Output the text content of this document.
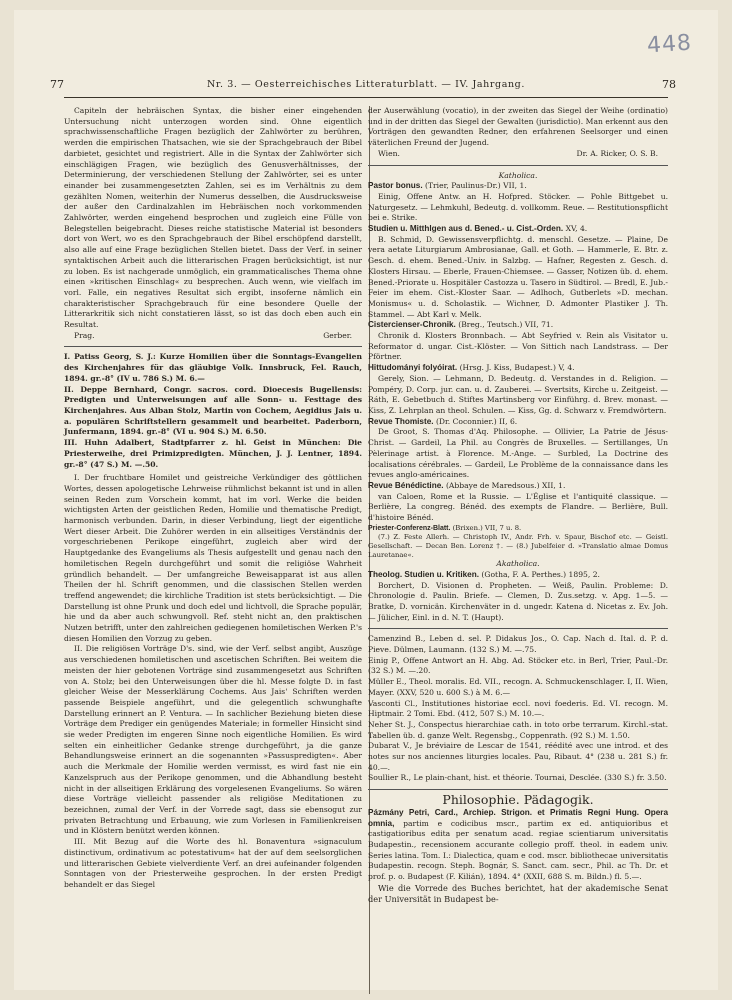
77	78
448
Nr. 3. — Oesterreichisches Litteraturblatt. — IV. Jahrgang.

Capiteln der hebräischen Syntax, die bisher einer eingehenden Untersuchung nicht unterzogen worden sind. Ohne eigentlich sprachwissenschaftliche Fragen bezüglich der Zahlwörter zu berühren, werden die empirischen Thatsachen, wie sie der Sprachgebrauch der Bibel darbietet, gesichtet und registriert. Alle in die Syntax der Zahlwörter sich einschlägigen Fragen, wie bezüglich des Genusverhältnisses, der Determinierung, der verschiedenen Stellung der Zahlwörter, sei es unter einander bei zusammengesetzten Zahlen, sei es im Verhältnis zu dem gezählten Nomen, weiterhin der Numerus desselben, die Ausdrucksweise der außer den Cardinalzahlen im Hebräischen noch vorkommenden Zahlwörter, werden eingehend besprochen und zugleich eine Fülle von Belegstellen beigebracht. Dieses reiche statistische Material ist besonders dort von Wert, wo es den Sprachgebrauch der Bibel erschöpfend darstellt, also alle auf eine Frage bezüglichen Stellen bietet. Dass der Verf. in seiner syntaktischen Arbeit auch die litterarischen Fragen berücksichtigt, ist nur zu loben. Es ist nachgerade unmöglich, ein grammaticalisches Thema ohne einen »kritischen Einschlag« zu besprechen. Auch wenn, wie vielfach im vorl. Falle, ein negatives Resultat sich ergibt, insoferne nämlich ein charakteristischer Sprachgebrauch für eine besondere Quelle der Litterarkritik sich nicht constatieren lässt, so ist das doch eben auch ein Resultat.

Prag.	Gerber.

I. Patiss Georg, S. J.: Kurze Homilien über die Sonntags-Evangelien des Kirchenjahres für das gläubige Volk. Innsbruck, Fel. Rauch, 1894. gr.-8° (IV u. 786 S.) M. 6.—

II. Deppe Bernhard, Congr. sacros. cord. Dioecesis Bugellensis: Predigten und Unterweisungen auf alle Sonn- u. Festtage des Kirchenjahres. Aus Alban Stolz, Martin von Cochem, Aegidius Jais u. a. populären Schriftstellern gesammelt und bearbeitet. Paderborn, Junfermann, 1894. gr.-8° (VI u. 904 S.) M. 6.50.

III. Huhn Adalbert, Stadtpfarrer z. hl. Geist in München: Die Priesterweihe, drei Primizpredigten. München, J. J. Lentner, 1894. gr.-8° (47 S.) M. —.50.

I. Der fruchtbare Homilet und geistreiche Verkündiger des göttlichen Wortes, dessen apologetische Lehrweise rühmlichst bekannt ist und in allen seinen Reden zum Vorschein kommt, hat im vorl. Werke die beiden wichtigsten Arten der geistlichen Reden, Homilie und thematische Predigt, harmonisch verbunden. Darin, in dieser Verbindung, liegt der eigentliche Wert dieser Arbeit. Die Zuhörer werden in ein allseitiges Verständnis der vorgeschriebenen Perikope eingeführt, zugleich aber wird der Hauptgedanke des Evangeliums als Thesis aufgestellt und genau nach den homiletischen Regeln durchgeführt und somit die religiöse Wahrheit gründlich behandelt. — Der umfangreiche Beweisapparat ist aus allen Theilen der hl. Schrift genommen, und die classischen Stellen werden treffend angewendet; die kirchliche Tradition ist stets berücksichtigt. — Die Darstellung ist ohne Prunk und doch edel und lichtvoll, die Sprache populär, hie und da aber auch schwungvoll. Ref. steht nicht an, den praktischen Nutzen betrifft, unter den zahlreichen gediegenen homiletischen Werken P.'s diesen Homilien den Vorzug zu geben.

II. Die religiösen Vorträge D's. sind, wie der Verf. selbst angibt, Auszüge aus verschiedenen homiletischen und ascetischen Schriften. Bei weitem die meisten der hier gebotenen Vorträge sind zusammengesetzt aus Schriften von A. Stolz; bei den Unterweisungen über die hl. Messe folgte D. in fast gleicher Weise der Messerklärung Cochems. Aus Jais' Schriften werden passende Beispiele angeführt, und die gelegentlich schwunghafte Darstellung erinnert an P. Ventura. — In sachlicher Beziehung bieten diese Vorträge dem Prediger ein genügendes Materiale; in formeller Hinsicht sind sie weder Predigten im engeren Sinne noch eigentliche Homilien. Es wird selten ein einheitlicher Gedanke strenge durchgeführt, ja die ganze Behandlungsweise erinnert an die sogenannten »Passuspredigten«. Aber auch die Merkmale der Homilie werden vermisst, es wird fast nie ein Kanzelspruch aus der Perikope genommen, und die Abhandlung besteht nicht in der allseitigen Erklärung des vorgelesenen Evangeliums. So wären diese Vorträge vielleicht passender als religiöse Meditationen zu bezeichnen, zumal der Verf. in der Vorrede sagt, dass sie ebensogut zur privaten Betrachtung und Erbauung, wie zum Vorlesen in Familienkreisen und in Klöstern benützt werden können.

III. Mit Bezug auf die Worte des hl. Bonaventura »signaculum distinctivum, ordinativum ac potestativum« hat der auf dem seelsorglichen und litterarischen Gebiete vielverdiente Verf. an drei aufeinander folgenden Sonntagen von der Priesterweihe gesprochen. In der ersten Predigt behandelt er das Siegel

der Auserwählung (vocatio), in der zweiten das Siegel der Weihe (ordinatio) und in der dritten das Siegel der Gewalten (jurisdictio). Man erkennt aus den Vorträgen den gewandten Redner, den erfahrenen Seelsorger und einen väterlichen Freund der Jugend.

Wien.	Dr. A. Ricker, O. S. B.
Katholica.

Pastor bonus. (Trier, Paulinus-Dr.) VII, 1.

Einig, Offene Antw. an H. Hofpred. Stöcker. — Pohle Bittgebet u. Naturgesetz. — Lehmkuhl, Bedeutg. d. vollkomm. Reue. — Restitutionspflicht bei e. Strike.

Studien u. Mitthlgen aus d. Bened.- u. Cist.-Orden. XV, 4.

B. Schmid, D. Gewissensverpflichtg. d. menschl. Gesetze. — Plaine, De vera aetate Liturgiarum Ambrosianae, Gall. et Goth. — Hammerle, E. Btr. z. Gesch. d. ehem. Bened.-Univ. in Salzbg. — Hafner, Regesten z. Gesch. d. Klosters Hirsau. — Eberle, Frauen-Chiemsee. — Gasser, Notizen üb. d. ehem. Bened.-Priorate u. Hospitäler Castozza u. Tasero in Südtirol. — Bredl, E. Jub.-Feier im ehem. Cist.-Kloster Saar. — Adlhoch, Gutberlets »D. mechan. Monismus« u. d. Scholastik. — Wichner, D. Admonter Plastiker J. Th. Stammel. — Abt Karl v. Melk.

Cistercienser-Chronik. (Breg., Teutsch.) VII, 71.

Chronik d. Klosters Bronnbach. — Abt Seyfried v. Rein als Visitator u. Reformator d. ungar. Cist.-Klöster. — Von Sittich nach Landstrass. — Der Pförtner.

Hittudományi folyóirat. (Hrsg. J. Kiss, Budapest.) V, 4.

Gerely, Sion. — Lehmann, D. Bedeutg. d. Verstandes in d. Religion. — Pompéry, D. Corp. jur. can. u. d. Zauberei. — Svertsits, Kirche u. Zeitgeist. — Ráth, E. Gebetbuch d. Stiftes Martinsberg vor Einführg. d. Brev. monast. — Kiss, Z. Lehrplan an theol. Schulen. — Kiss, Gg. d. Schwarz v. Fremdwörtern.

Revue Thomiste. (Dr. Coconnier.) II, 6.

De Groot, S. Thomas d'Aq. Philosophe. — Ollivier, La Patrie de Jésus-Christ. — Gardeil, La Phil. au Congrès de Bruxelles. — Sertillanges, Un Pèlerinage artist. à Florence. M.-Ange. — Surbled, La Doctrine des localisations cérébrales. — Gardeil, Le Problème de la connaissance dans les revues anglo-américaines.

Revue Bénédictine. (Abbaye de Maredsous.) XII, 1.

van Caloen, Rome et la Russie. — L'Église et l'antiquité classique. — Berlière, La congreg. Bénéd. des exempts de Flandre. — Berlière, Bull. d'histoire Bénéd.

Priester-Conferenz-Blatt. (Brixen.) VII, 7 u. 8.

(7.) Z. Feste Allerh. — Christoph IV., Andr. Frh. v. Spaur, Bischof etc. — Geistl. Gesellschaft. — Decan Ben. Lorenz †. — (8.) Jubelfeier d. »Translatio almae Domus Lauretanae«.

Akatholica.

Theolog. Studien u. Kritiken. (Gotha, F. A. Perthes.) 1895, 2.

Borchert, D. Visionen d. Propheten. — Weiß, Paulin. Probleme: D. Chronologie d. Paulin. Briefe. — Clemen, D. Zus.setzg. v. Apg. 1—5. — Bratke, D. vornicän. Kirchenväter in d. ungedr. Katena d. Nicetas z. Ev. Joh. — Jülicher, Einl. in d. N. T. (Haupt).

Camenzind B., Leben d. sel. P. Didakus Jos., O. Cap. Nach d. Ital. d. P. d. Pieve. Dülmen, Laumann. (132 S.) M. —.75.

Einig P., Offene Antwort an H. Abg. Ad. Stöcker etc. in Berl, Trier, Paul.-Dr. (32 S.) M. —.20.

Müller E., Theol. moralis. Ed. VII., recogn. A. Schmuckenschlager. I, II. Wien, Mayer. (XXV, 520 u. 600 S.) à M. 6.—

Vasconti Cl., Institutiones historiae eccl. novi foederis. Ed. VI. recogn. M. Hiptmair. 2 Tomi. Ebd. (412, 507 S.) M. 10.—.

Neher St. J., Conspectus hierarchiae cath. in toto orbe terrarum. Kirchl.-stat. Tabellen üb. d. ganze Welt. Regensbg., Coppenrath. (92 S.) M. 1.50.

Dubarat V., Je bréviaire de Lescar de 1541, réédité avec une introd. et des notes sur nos anciennes liturgies locales. Pau, Ribaut. 4° (238 u. 281 S.) fr. 40.—.

Soullier R., Le plain-chant, hist. et théorie. Tournai, Desclée. (330 S.) fr. 3.50.

Philosophie. Pädagogik.

Pázmány Petri, Card., Archiep. Strigon. et Primatis Regni Hung. Opera omnia, partim e codicibus mscr., partim ex ed. antiquioribus et castigatioribus edita per senatum acad. regiae scientiarum universitatis Budapestin., recensionem accurante collegio proff. theol. in eadem univ. Series latina. Tom. I.: Dialectica, quam e cod. mscr. bibliothecae universitatis Budapestin. recogn. Steph. Bognár, S. Sanct. cam. secr., Phil. ac Th. Dr. et prof. p. o. Budapest (F. Kilián), 1894. 4° (XXII, 688 S. m. Bildn.) fl. 5.—.

Wie die Vorrede des Buches berichtet, hat der akademische Senat der Universität in Budapest be-
